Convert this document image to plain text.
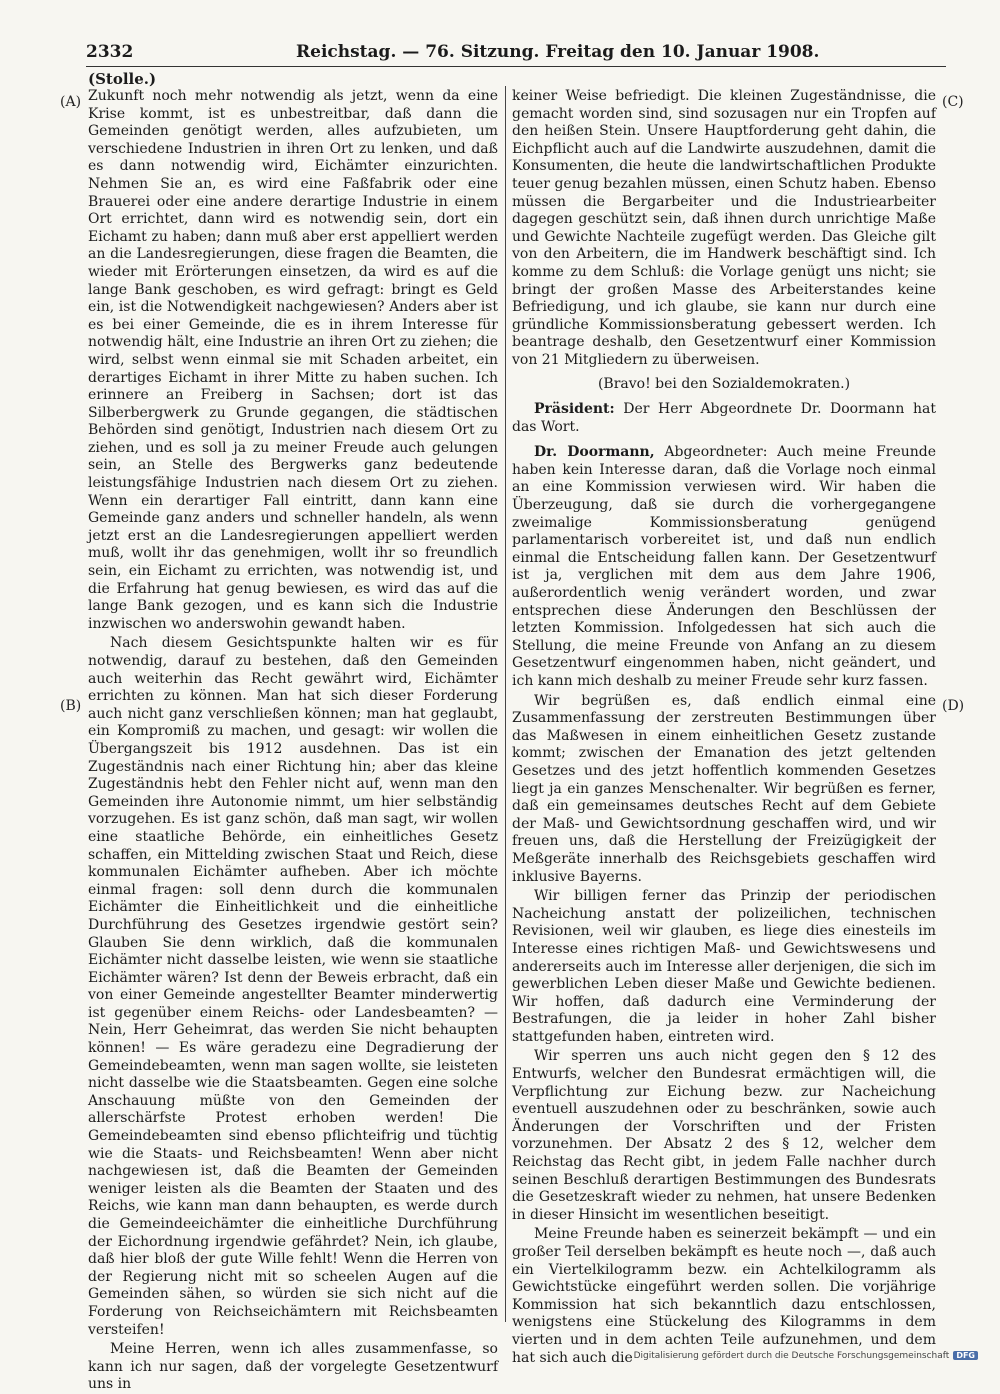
2332	Reichstag. — 76. Sitzung. Freitag den 10. Januar 1908.
(Stolle.)
(A)
(B)
(C)
(D)

Zukunft noch mehr notwendig als jetzt, wenn da eine Krise kommt, ist es unbestreitbar, daß dann die Gemeinden genötigt werden, alles aufzubieten, um verschiedene Industrien in ihren Ort zu lenken, und daß es dann notwendig wird, Eichämter einzurichten. Nehmen Sie an, es wird eine Faßfabrik oder eine Brauerei oder eine andere derartige Industrie in einem Ort errichtet, dann wird es notwendig sein, dort ein Eichamt zu haben; dann muß aber erst appelliert werden an die Landesregierungen, diese fragen die Beamten, die wieder mit Erörterungen einsetzen, da wird es auf die lange Bank geschoben, es wird gefragt: bringt es Geld ein, ist die Notwendigkeit nachgewiesen? Anders aber ist es bei einer Gemeinde, die es in ihrem Interesse für notwendig hält, eine Industrie an ihren Ort zu ziehen; die wird, selbst wenn einmal sie mit Schaden arbeitet, ein derartiges Eichamt in ihrer Mitte zu haben suchen. Ich erinnere an Freiberg in Sachsen; dort ist das Silberbergwerk zu Grunde gegangen, die städtischen Behörden sind genötigt, Industrien nach diesem Ort zu ziehen, und es soll ja zu meiner Freude auch gelungen sein, an Stelle des Bergwerks ganz bedeutende leistungsfähige Industrien nach diesem Ort zu ziehen. Wenn ein derartiger Fall eintritt, dann kann eine Gemeinde ganz anders und schneller handeln, als wenn jetzt erst an die Landesregierungen appelliert werden muß, wollt ihr das genehmigen, wollt ihr so freundlich sein, ein Eichamt zu errichten, was notwendig ist, und die Erfahrung hat genug bewiesen, es wird das auf die lange Bank gezogen, und es kann sich die Industrie inzwischen wo anderswohin gewandt haben.

Nach diesem Gesichtspunkte halten wir es für notwendig, darauf zu bestehen, daß den Gemeinden auch weiterhin das Recht gewährt wird, Eichämter errichten zu können. Man hat sich dieser Forderung auch nicht ganz verschließen können; man hat geglaubt, ein Kompromiß zu machen, und gesagt: wir wollen die Übergangszeit bis 1912 ausdehnen. Das ist ein Zugeständnis nach einer Richtung hin; aber das kleine Zugeständnis hebt den Fehler nicht auf, wenn man den Gemeinden ihre Autonomie nimmt, um hier selbständig vorzugehen. Es ist ganz schön, daß man sagt, wir wollen eine staatliche Behörde, ein einheitliches Gesetz schaffen, ein Mittelding zwischen Staat und Reich, diese kommunalen Eichämter aufheben. Aber ich möchte einmal fragen: soll denn durch die kommunalen Eichämter die Einheitlichkeit und die einheitliche Durchführung des Gesetzes irgendwie gestört sein? Glauben Sie denn wirklich, daß die kommunalen Eichämter nicht dasselbe leisten, wie wenn sie staatliche Eichämter wären? Ist denn der Beweis erbracht, daß ein von einer Gemeinde angestellter Beamter minderwertig ist gegenüber einem Reichs- oder Landesbeamten? — Nein, Herr Geheimrat, das werden Sie nicht behaupten können! — Es wäre geradezu eine Degradierung der Gemeindebeamten, wenn man sagen wollte, sie leisteten nicht dasselbe wie die Staatsbeamten. Gegen eine solche Anschauung müßte von den Gemeinden der allerschärfste Protest erhoben werden! Die Gemeindebeamten sind ebenso pflichteifrig und tüchtig wie die Staats- und Reichsbeamten! Wenn aber nicht nachgewiesen ist, daß die Beamten der Gemeinden weniger leisten als die Beamten der Staaten und des Reichs, wie kann man dann behaupten, es werde durch die Gemeindeeichämter die einheitliche Durchführung der Eichordnung irgendwie gefährdet? Nein, ich glaube, daß hier bloß der gute Wille fehlt! Wenn die Herren von der Regierung nicht mit so scheelen Augen auf die Gemeinden sähen, so würden sie sich nicht auf die Forderung von Reichseichämtern mit Reichsbeamten versteifen!

Meine Herren, wenn ich alles zusammenfasse, so kann ich nur sagen, daß der vorgelegte Gesetzentwurf uns in

keiner Weise befriedigt. Die kleinen Zugeständnisse, die gemacht worden sind, sind sozusagen nur ein Tropfen auf den heißen Stein. Unsere Hauptforderung geht dahin, die Eichpflicht auch auf die Landwirte auszudehnen, damit die Konsumenten, die heute die landwirtschaftlichen Produkte teuer genug bezahlen müssen, einen Schutz haben. Ebenso müssen die Bergarbeiter und die Industriearbeiter dagegen geschützt sein, daß ihnen durch unrichtige Maße und Gewichte Nachteile zugefügt werden. Das Gleiche gilt von den Arbeitern, die im Handwerk beschäftigt sind. Ich komme zu dem Schluß: die Vorlage genügt uns nicht; sie bringt der großen Masse des Arbeiterstandes keine Befriedigung, und ich glaube, sie kann nur durch eine gründliche Kommissionsberatung gebessert werden. Ich beantrage deshalb, den Gesetzentwurf einer Kommission von 21 Mitgliedern zu überweisen.

(Bravo! bei den Sozialdemokraten.)

Präsident: Der Herr Abgeordnete Dr. Doormann hat das Wort.

Dr. Doormann, Abgeordneter: Auch meine Freunde haben kein Interesse daran, daß die Vorlage noch einmal an eine Kommission verwiesen wird. Wir haben die Überzeugung, daß sie durch die vorhergegangene zweimalige Kommissionsberatung genügend parlamentarisch vorbereitet ist, und daß nun endlich einmal die Entscheidung fallen kann. Der Gesetzentwurf ist ja, verglichen mit dem aus dem Jahre 1906, außerordentlich wenig verändert worden, und zwar entsprechen diese Änderungen den Beschlüssen der letzten Kommission. Infolgedessen hat sich auch die Stellung, die meine Freunde von Anfang an zu diesem Gesetzentwurf eingenommen haben, nicht geändert, und ich kann mich deshalb zu meiner Freude sehr kurz fassen.

Wir begrüßen es, daß endlich einmal eine Zusammenfassung der zerstreuten Bestimmungen über das Maßwesen in einem einheitlichen Gesetz zustande kommt; zwischen der Emanation des jetzt geltenden Gesetzes und des jetzt hoffentlich kommenden Gesetzes liegt ja ein ganzes Menschenalter. Wir begrüßen es ferner, daß ein gemeinsames deutsches Recht auf dem Gebiete der Maß- und Gewichtsordnung geschaffen wird, und wir freuen uns, daß die Herstellung der Freizügigkeit der Meßgeräte innerhalb des Reichsgebiets geschaffen wird inklusive Bayerns.

Wir billigen ferner das Prinzip der periodischen Nacheichung anstatt der polizeilichen, technischen Revisionen, weil wir glauben, es liege dies einesteils im Interesse eines richtigen Maß- und Gewichtswesens und andererseits auch im Interesse aller derjenigen, die sich im gewerblichen Leben dieser Maße und Gewichte bedienen. Wir hoffen, daß dadurch eine Verminderung der Bestrafungen, die ja leider in hoher Zahl bisher stattgefunden haben, eintreten wird.

Wir sperren uns auch nicht gegen den § 12 des Entwurfs, welcher den Bundesrat ermächtigen will, die Verpflichtung zur Eichung bezw. zur Nacheichung eventuell auszudehnen oder zu beschränken, sowie auch Änderungen der Vorschriften und der Fristen vorzunehmen. Der Absatz 2 des § 12, welcher dem Reichstag das Recht gibt, in jedem Falle nachher durch seinen Beschluß derartigen Bestimmungen des Bundesrats die Gesetzeskraft wieder zu nehmen, hat unsere Bedenken in dieser Hinsicht im wesentlichen beseitigt.

Meine Freunde haben es seinerzeit bekämpft — und ein großer Teil derselben bekämpft es heute noch —, daß auch ein Viertelkilogramm bezw. ein Achtelkilogramm als Gewichtstücke eingeführt werden sollen. Die vorjährige Kommission hat sich bekanntlich dazu entschlossen, wenigstens eine Stückelung des Kilogramms in dem vierten und in dem achten Teile aufzunehmen, und dem hat sich auch die Digitalisierung gefördert durch die Deutsche Forschungsgemeinschaft DFG
